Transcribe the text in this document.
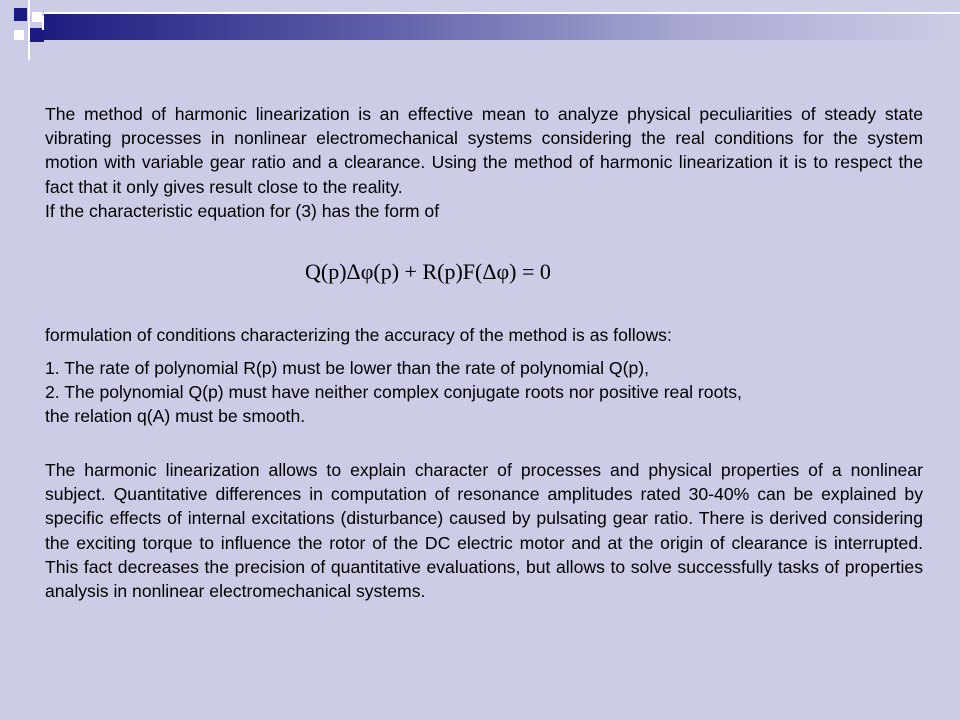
The method of harmonic linearization is an effective mean to analyze physical peculiarities of steady state vibrating processes in nonlinear electromechanical systems considering the real conditions for the system motion with variable gear ratio and a clearance. Using the method of harmonic linearization it is to respect the fact that it only gives result close to the reality.
If the characteristic equation for (3) has the form of
Q(p)Δφ(p) + R(p)F(Δφ) = 0
formulation of conditions characterizing the accuracy of the method is as follows:
1. The rate of polynomial R(p) must be lower than the rate of polynomial Q(p),
2. The polynomial Q(p) must have neither complex conjugate roots nor positive real roots,
the relation q(A) must be smooth.
The harmonic linearization allows to explain character of processes and physical properties of a nonlinear subject. Quantitative differences in computation of resonance amplitudes rated 30-40% can be explained by specific effects of internal excitations (disturbance) caused by pulsating gear ratio. There is derived considering the exciting torque to influence the rotor of the DC electric motor and at the origin of clearance is interrupted. This fact decreases the precision of quantitative evaluations, but allows to solve successfully tasks of properties analysis in nonlinear electromechanical systems.
